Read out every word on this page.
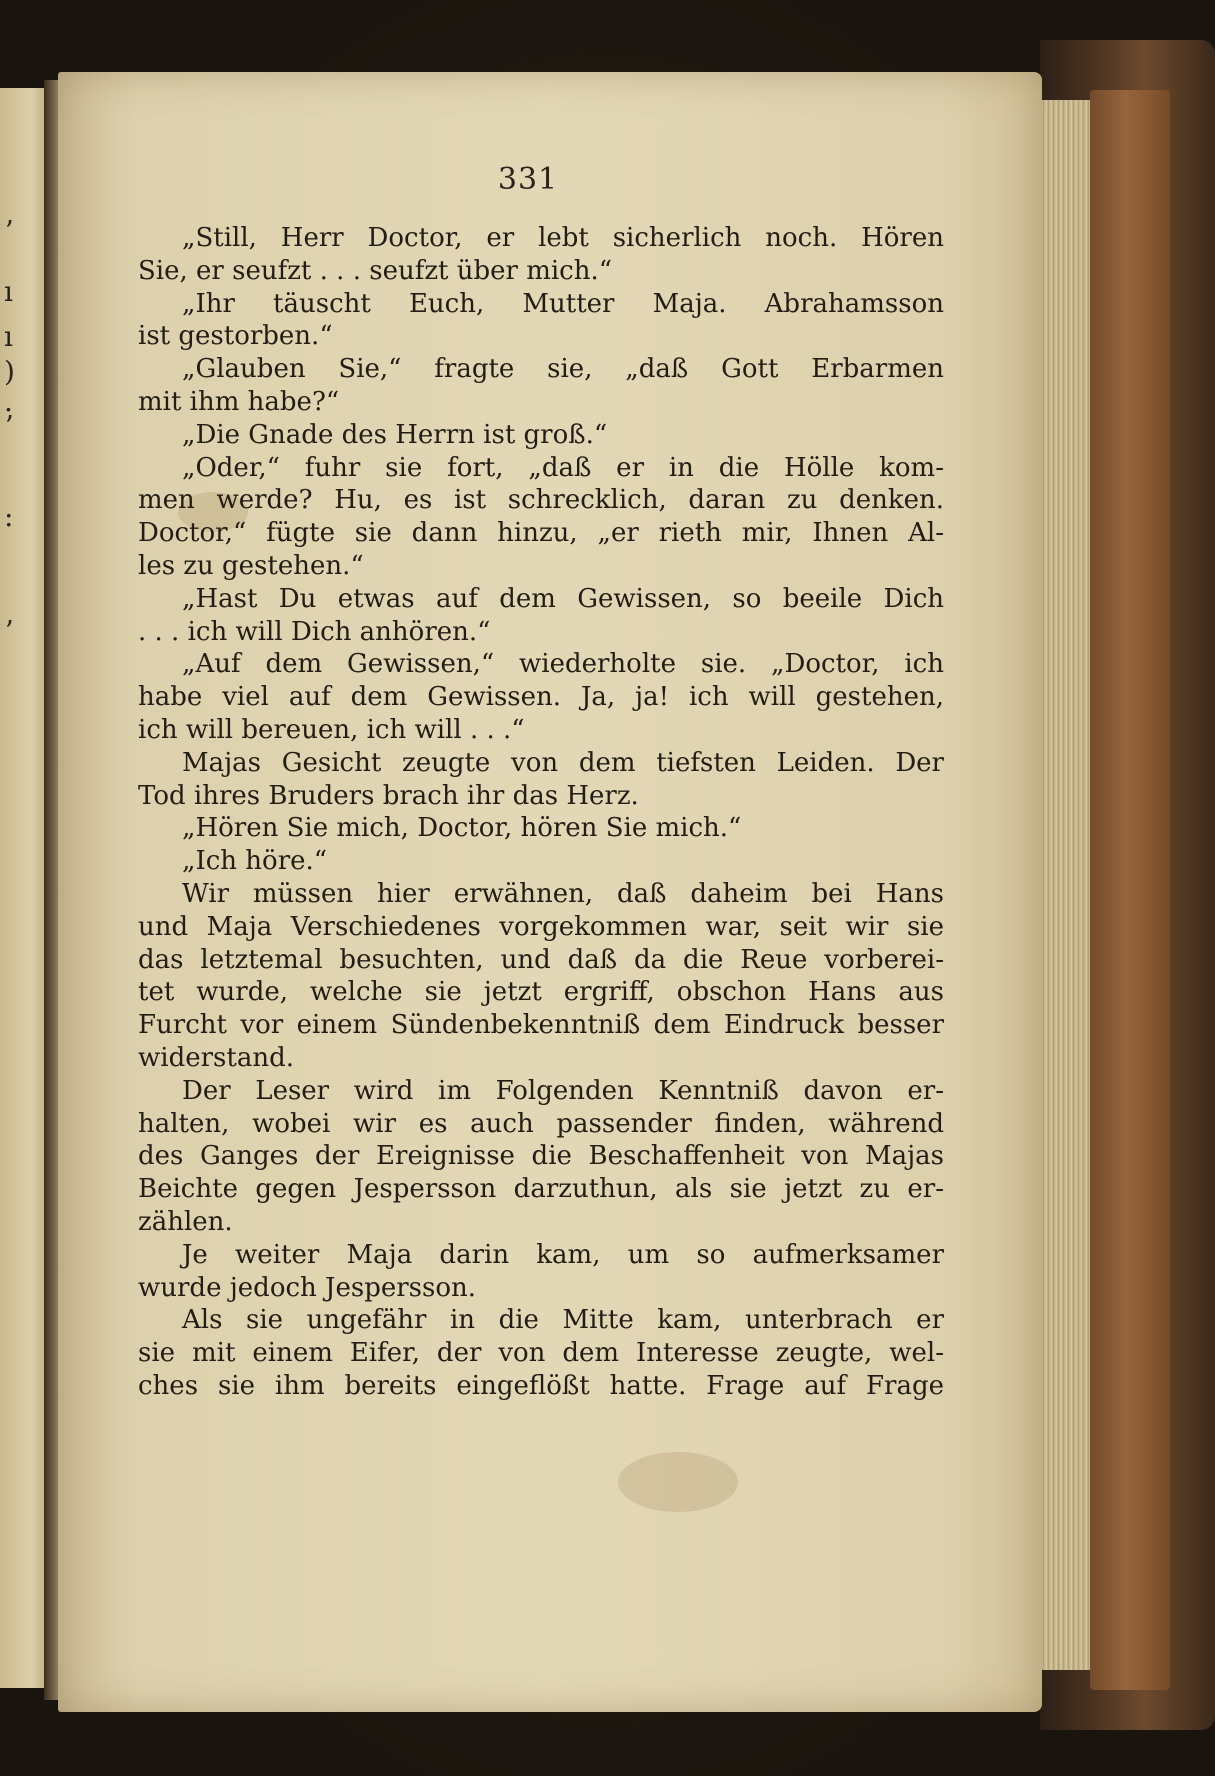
ʼ
ı
ı
)
.
ʼ
:
ʼ
331
„Still, Herr Doctor, er lebt sicherlich noch. Hören
Sie, er seufzt . . . seufzt über mich.“
„Ihr täuscht Euch, Mutter Maja. Abrahamsson
ist gestorben.“
„Glauben Sie,“ fragte sie, „daß Gott Erbarmen
mit ihm habe?“
„Die Gnade des Herrn ist groß.“
„Oder,“ fuhr sie fort, „daß er in die Hölle kom-
men werde? Hu, es ist schrecklich, daran zu denken.
Doctor,“ fügte sie dann hinzu, „er rieth mir, Ihnen Al-
les zu gestehen.“
„Hast Du etwas auf dem Gewissen, so beeile Dich
. . . ich will Dich anhören.“
„Auf dem Gewissen,“ wiederholte sie. „Doctor, ich
habe viel auf dem Gewissen. Ja, ja! ich will gestehen,
ich will bereuen, ich will . . .“
Majas Gesicht zeugte von dem tiefsten Leiden. Der
Tod ihres Bruders brach ihr das Herz.
„Hören Sie mich, Doctor, hören Sie mich.“
„Ich höre.“
Wir müssen hier erwähnen, daß daheim bei Hans
und Maja Verschiedenes vorgekommen war, seit wir sie
das letztemal besuchten, und daß da die Reue vorberei-
tet wurde, welche sie jetzt ergriff, obschon Hans aus
Furcht vor einem Sündenbekenntniß dem Eindruck besser
widerstand.
Der Leser wird im Folgenden Kenntniß davon er-
halten, wobei wir es auch passender finden, während
des Ganges der Ereignisse die Beschaffenheit von Majas
Beichte gegen Jespersson darzuthun, als sie jetzt zu er-
zählen.
Je weiter Maja darin kam, um so aufmerksamer
wurde jedoch Jespersson.
Als sie ungefähr in die Mitte kam, unterbrach er
sie mit einem Eifer, der von dem Interesse zeugte, wel-
ches sie ihm bereits eingeflößt hatte. Frage auf Frage
